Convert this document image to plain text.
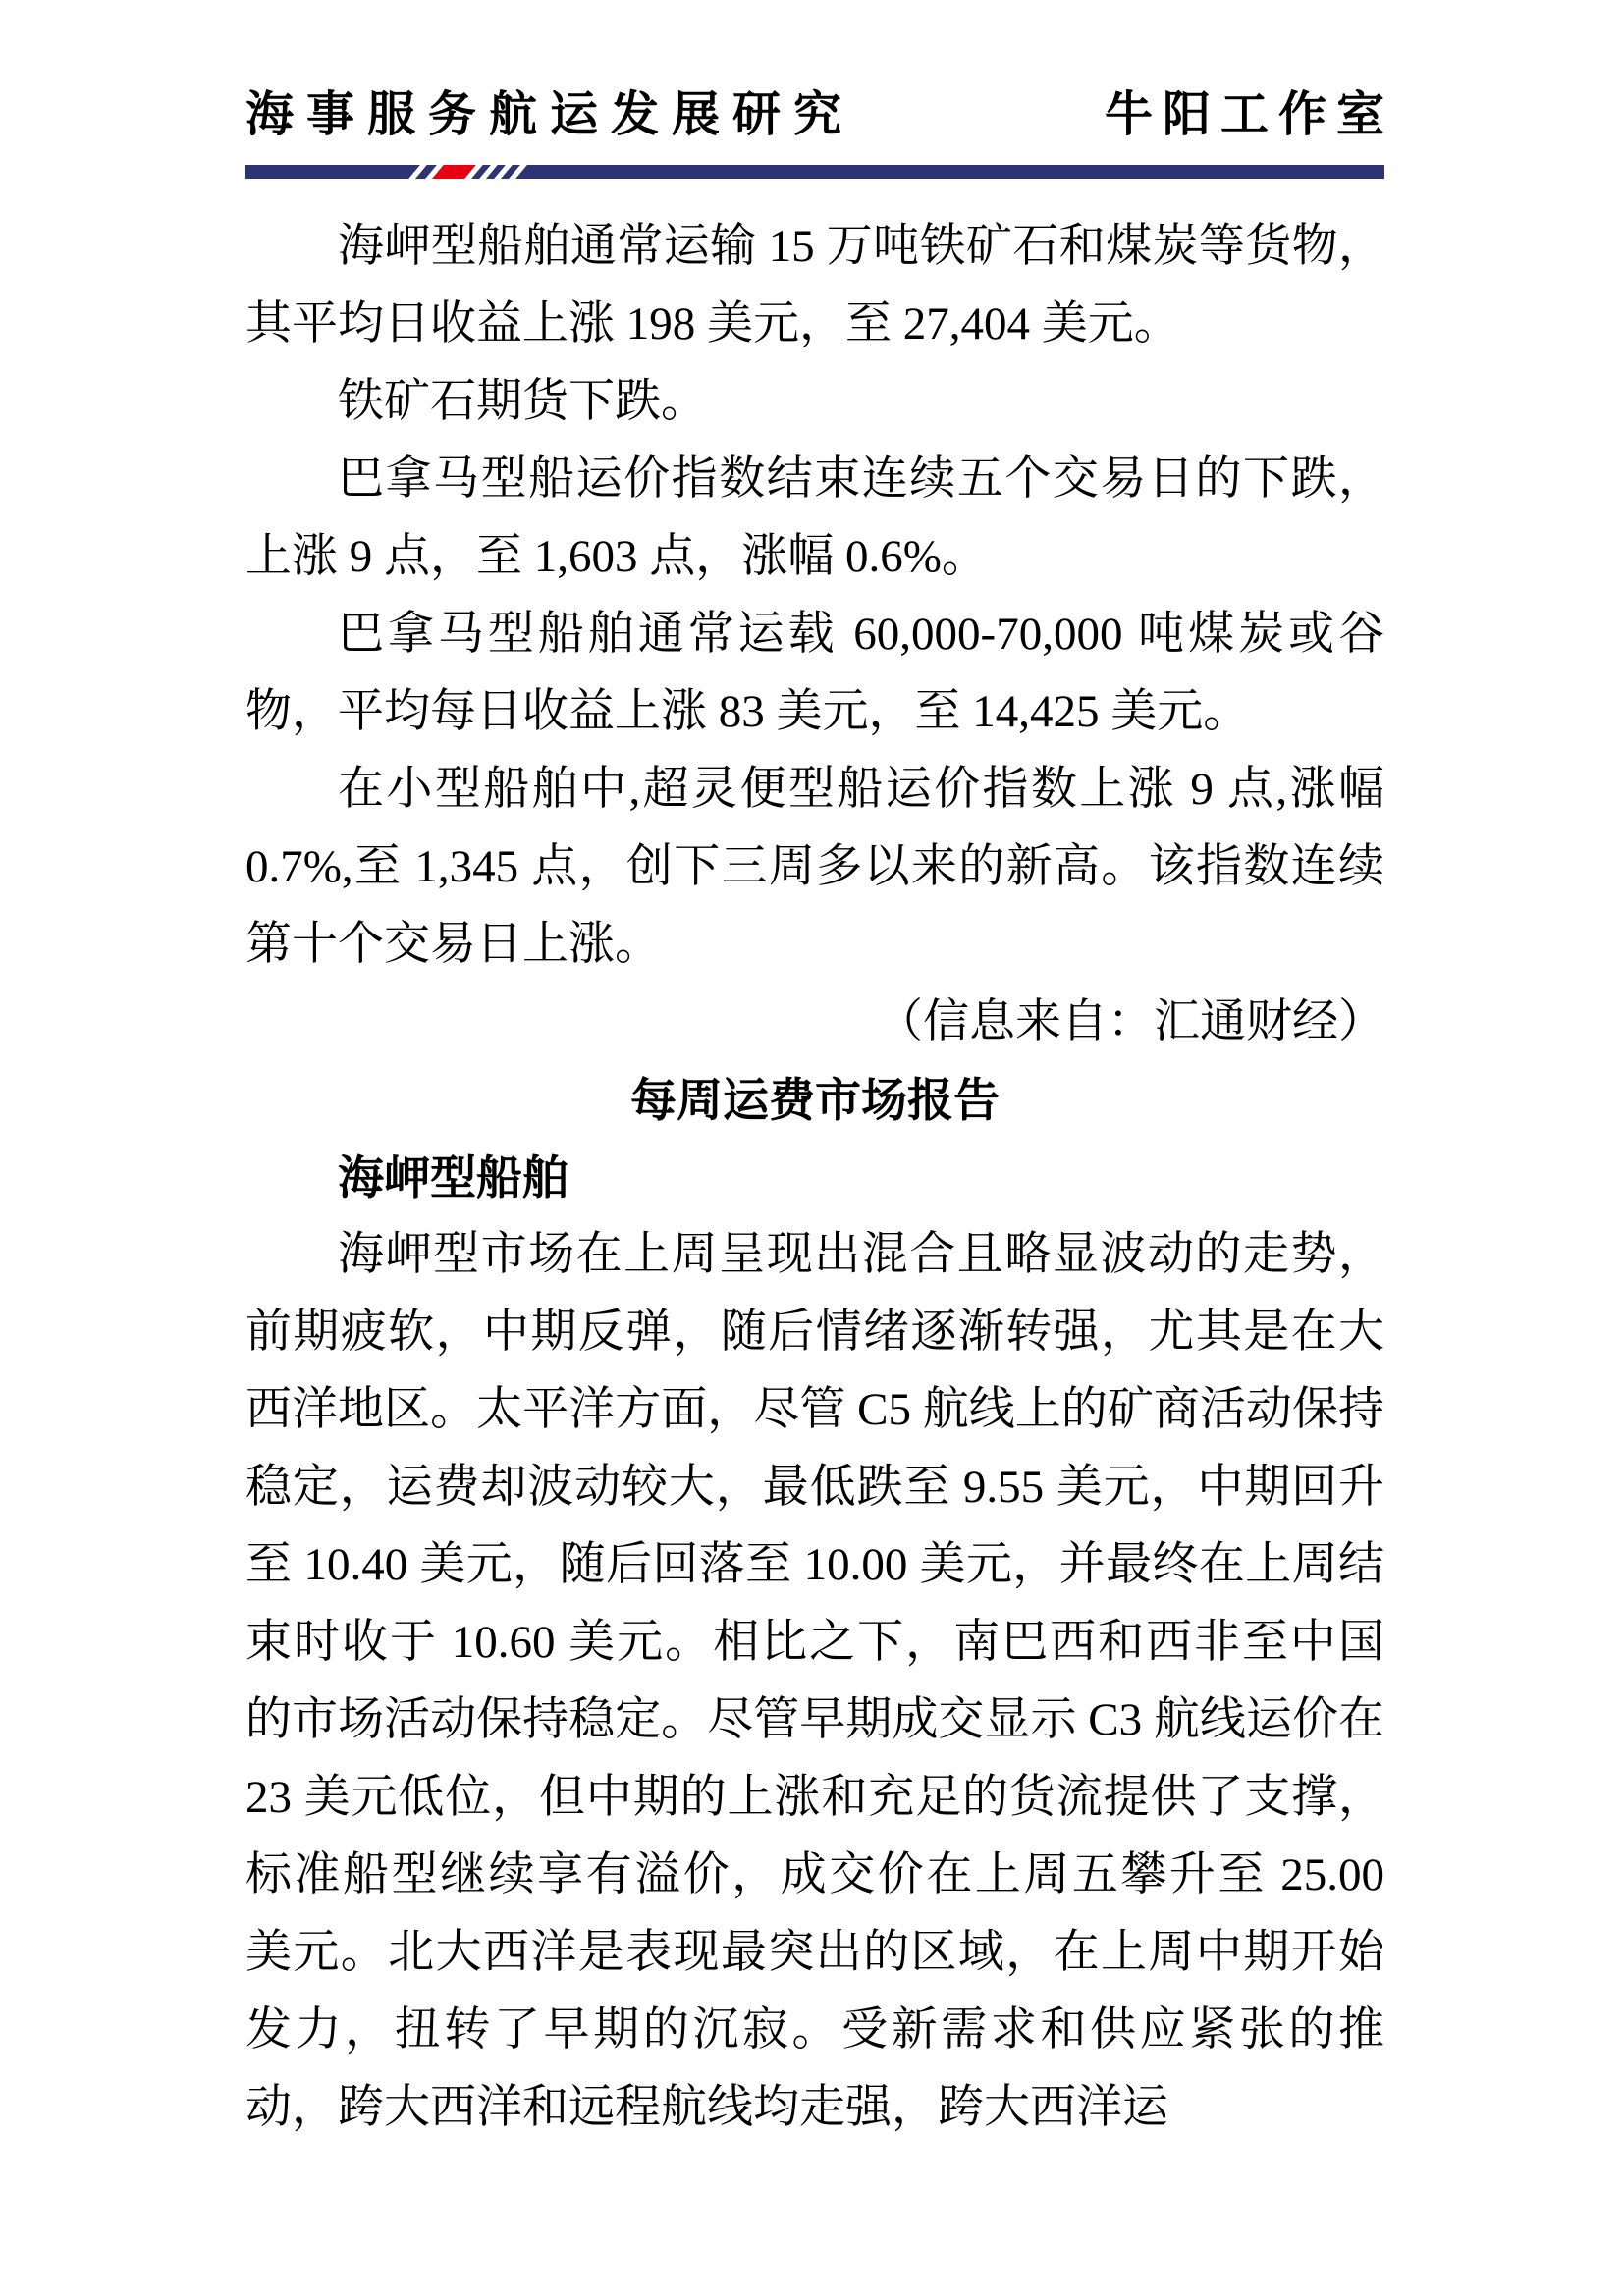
海事服务航运发展研究	牛阳工作室

海岬型船舶通常运输 15 万吨铁矿石和煤炭等货物，其平均日收益上涨 198 美元，至 27,404 美元。

铁矿石期货下跌。

巴拿马型船运价指数结束连续五个交易日的下跌，上涨 9 点，至 1,603 点，涨幅 0.6%。

巴拿马型船舶通常运载 60,000-70,000 吨煤炭或谷物，平均每日收益上涨 83 美元，至 14,425 美元。

在小型船舶中,超灵便型船运价指数上涨 9 点,涨幅 0.7%,至 1,345 点，创下三周多以来的新高。该指数连续第十个交易日上涨。

（信息来自：汇通财经）

每周运费市场报告
海岬型船舶

海岬型市场在上周呈现出混合且略显波动的走势，前期疲软，中期反弹，随后情绪逐渐转强，尤其是在大西洋地区。太平洋方面，尽管 C5 航线上的矿商活动保持稳定，运费却波动较大，最低跌至 9.55 美元，中期回升至 10.40 美元，随后回落至 10.00 美元，并最终在上周结束时收于 10.60 美元。相比之下，南巴西和西非至中国的市场活动保持稳定。尽管早期成交显示 C3 航线运价在 23 美元低位，但中期的上涨和充足的货流提供了支撑，标准船型继续享有溢价，成交价在上周五攀升至 25.00 美元。北大西洋是表现最突出的区域，在上周中期开始发力，扭转了早期的沉寂。受新需求和供应紧张的推动，跨大西洋和远程航线均走强，跨大西洋运
